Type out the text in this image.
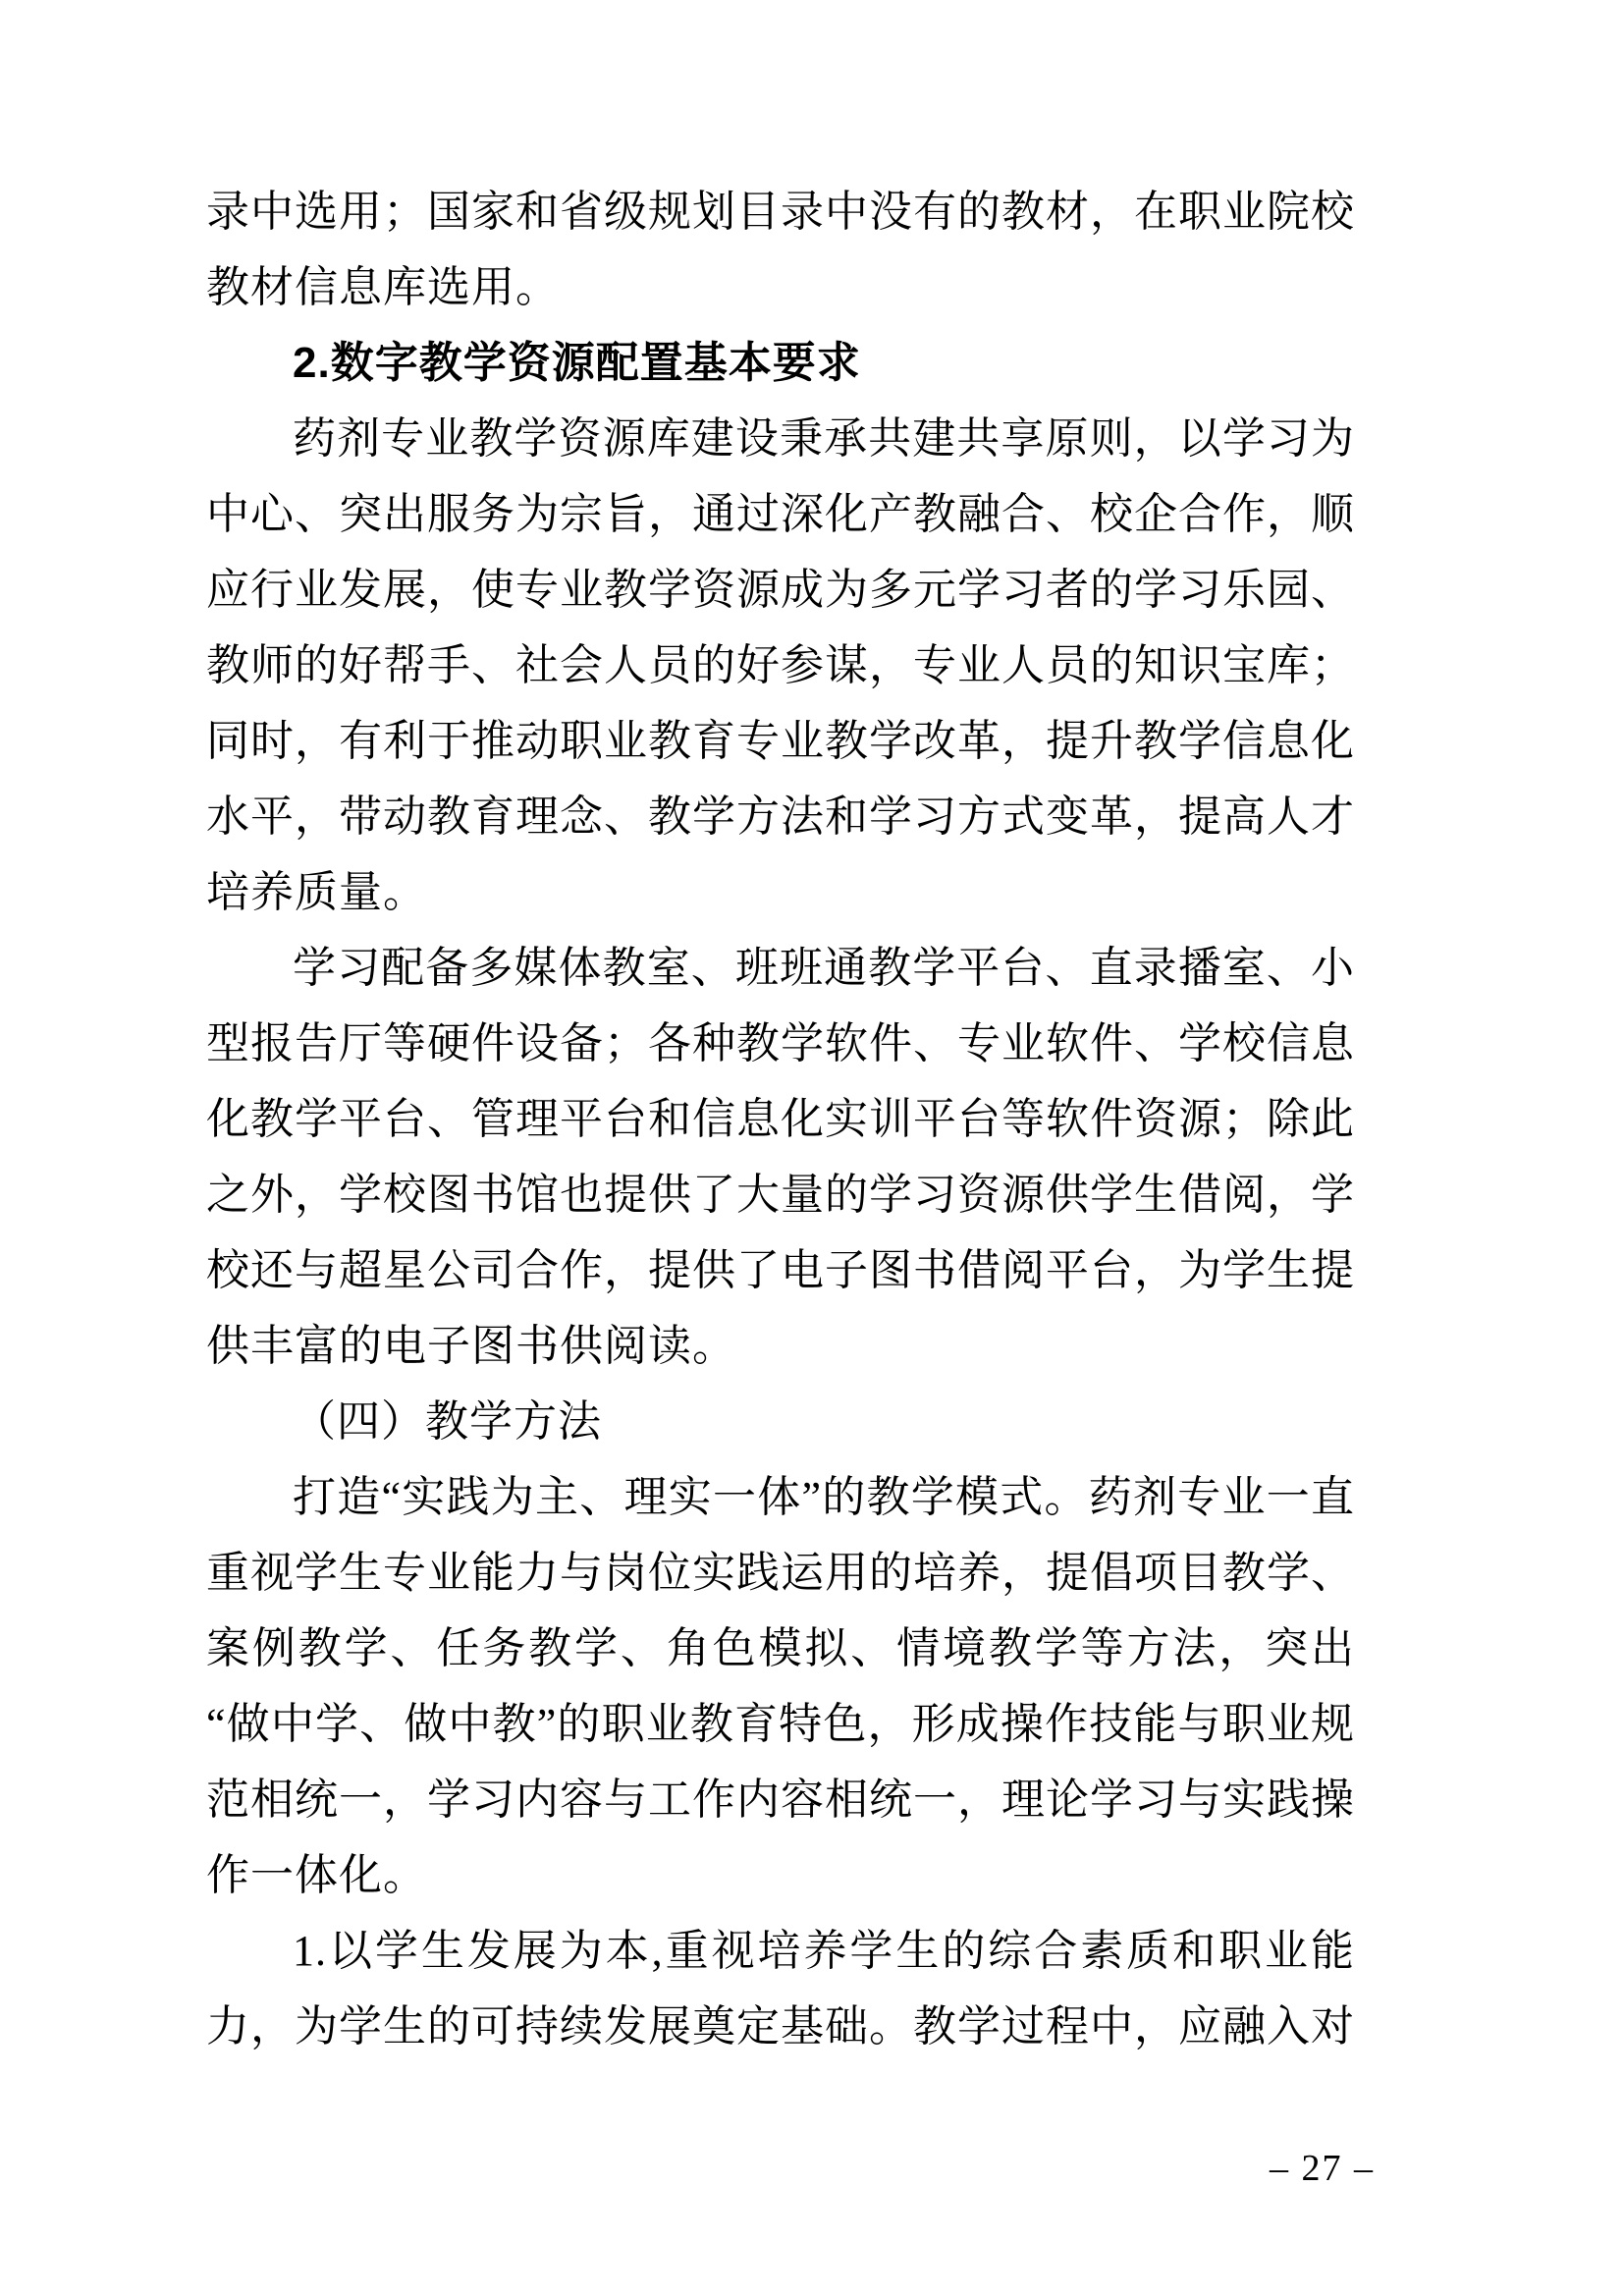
录中选用；国家和省级规划目录中没有的教材，在职业院校教材信息库选用。

2.数字教学资源配置基本要求

药剂专业教学资源库建设秉承共建共享原则，以学习为中心、突出服务为宗旨，通过深化产教融合、校企合作，顺应行业发展，使专业教学资源成为多元学习者的学习乐园、教师的好帮手、社会人员的好参谋，专业人员的知识宝库；同时，有利于推动职业教育专业教学改革，提升教学信息化水平，带动教育理念、教学方法和学习方式变革，提高人才培养质量。

学习配备多媒体教室、班班通教学平台、直录播室、小型报告厅等硬件设备；各种教学软件、专业软件、学校信息化教学平台、管理平台和信息化实训平台等软件资源；除此之外，学校图书馆也提供了大量的学习资源供学生借阅，学校还与超星公司合作，提供了电子图书借阅平台，为学生提供丰富的电子图书供阅读。

（四）教学方法

打造“实践为主、理实一体”的教学模式。药剂专业一直重视学生专业能力与岗位实践运用的培养，提倡项目教学、案例教学、任务教学、角色模拟、情境教学等方法，突出“做中学、做中教”的职业教育特色，形成操作技能与职业规范相统一，学习内容与工作内容相统一，理论学习与实践操作一体化。

1.以学生发展为本,重视培养学生的综合素质和职业能力，为学生的可持续发展奠定基础。教学过程中，应融入对

– 27 –
